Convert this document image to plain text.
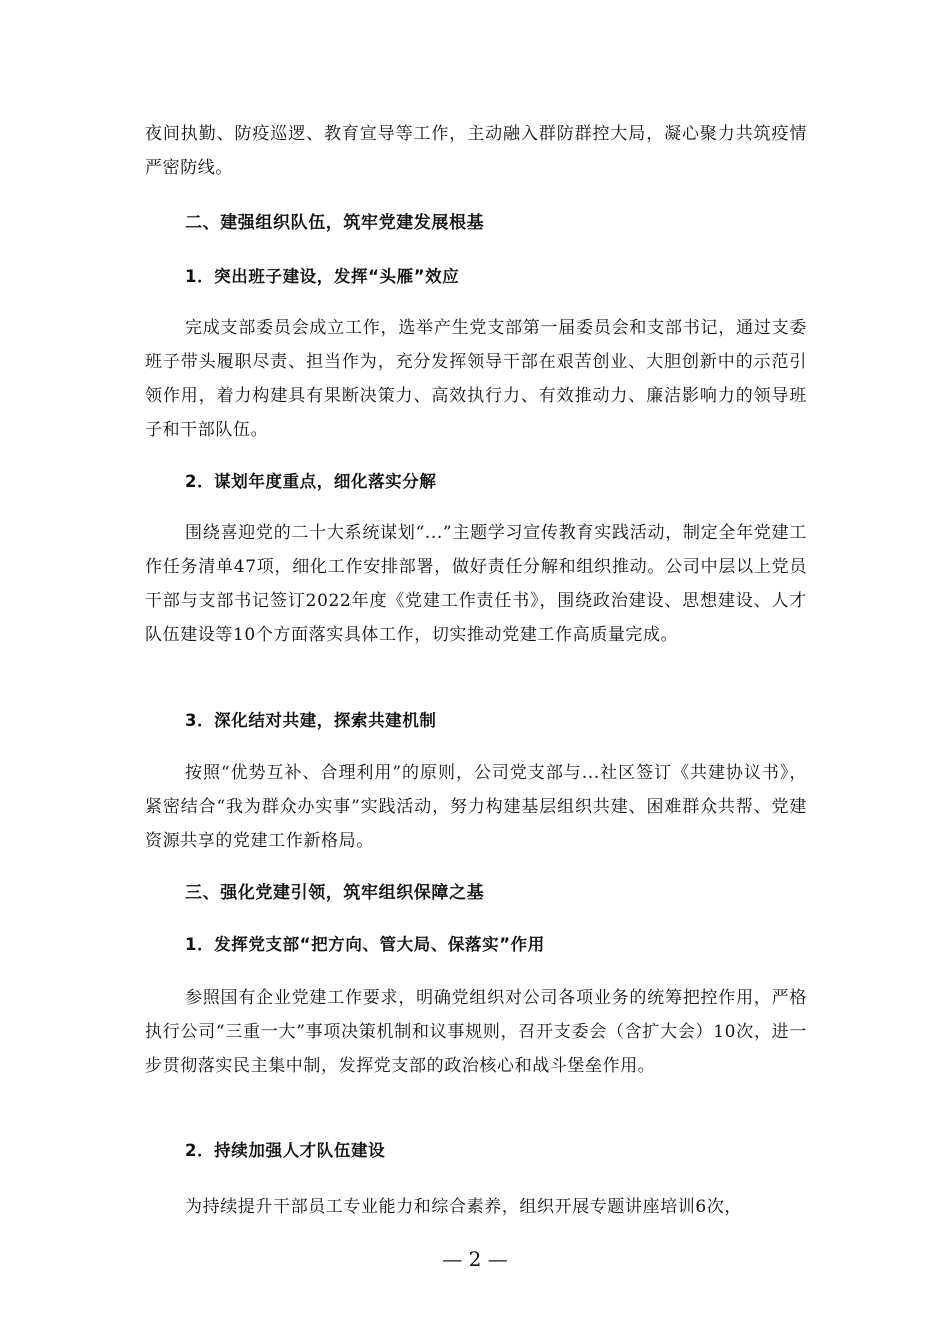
夜间执勤、防疫巡逻、教育宣导等工作，主动融入群防群控大局，凝心聚力共筑疫情严密防线。

二、建强组织队伍，筑牢党建发展根基
1．突出班子建设，发挥“头雁”效应

完成支部委员会成立工作，选举产生党支部第一届委员会和支部书记，通过支委班子带头履职尽责、担当作为，充分发挥领导干部在艰苦创业、大胆创新中的示范引领作用，着力构建具有果断决策力、高效执行力、有效推动力、廉洁影响力的领导班子和干部队伍。

2．谋划年度重点，细化落实分解

围绕喜迎党的二十大系统谋划“...”主题学习宣传教育实践活动，制定全年党建工作任务清单47项，细化工作安排部署，做好责任分解和组织推动。公司中层以上党员干部与支部书记签订2022年度《党建工作责任书》，围绕政治建设、思想建设、人才队伍建设等10个方面落实具体工作，切实推动党建工作高质量完成。

3．深化结对共建，探索共建机制

按照“优势互补、合理利用”的原则，公司党支部与...社区签订《共建协议书》，紧密结合“我为群众办实事”实践活动，努力构建基层组织共建、困难群众共帮、党建资源共享的党建工作新格局。

三、强化党建引领，筑牢组织保障之基
1．发挥党支部“把方向、管大局、保落实”作用

参照国有企业党建工作要求，明确党组织对公司各项业务的统筹把控作用，严格执行公司“三重一大”事项决策机制和议事规则，召开支委会（含扩大会）10次，进一步贯彻落实民主集中制，发挥党支部的政治核心和战斗堡垒作用。

2．持续加强人才队伍建设

为持续提升干部员工专业能力和综合素养，组织开展专题讲座培训6次，

— 2 —
